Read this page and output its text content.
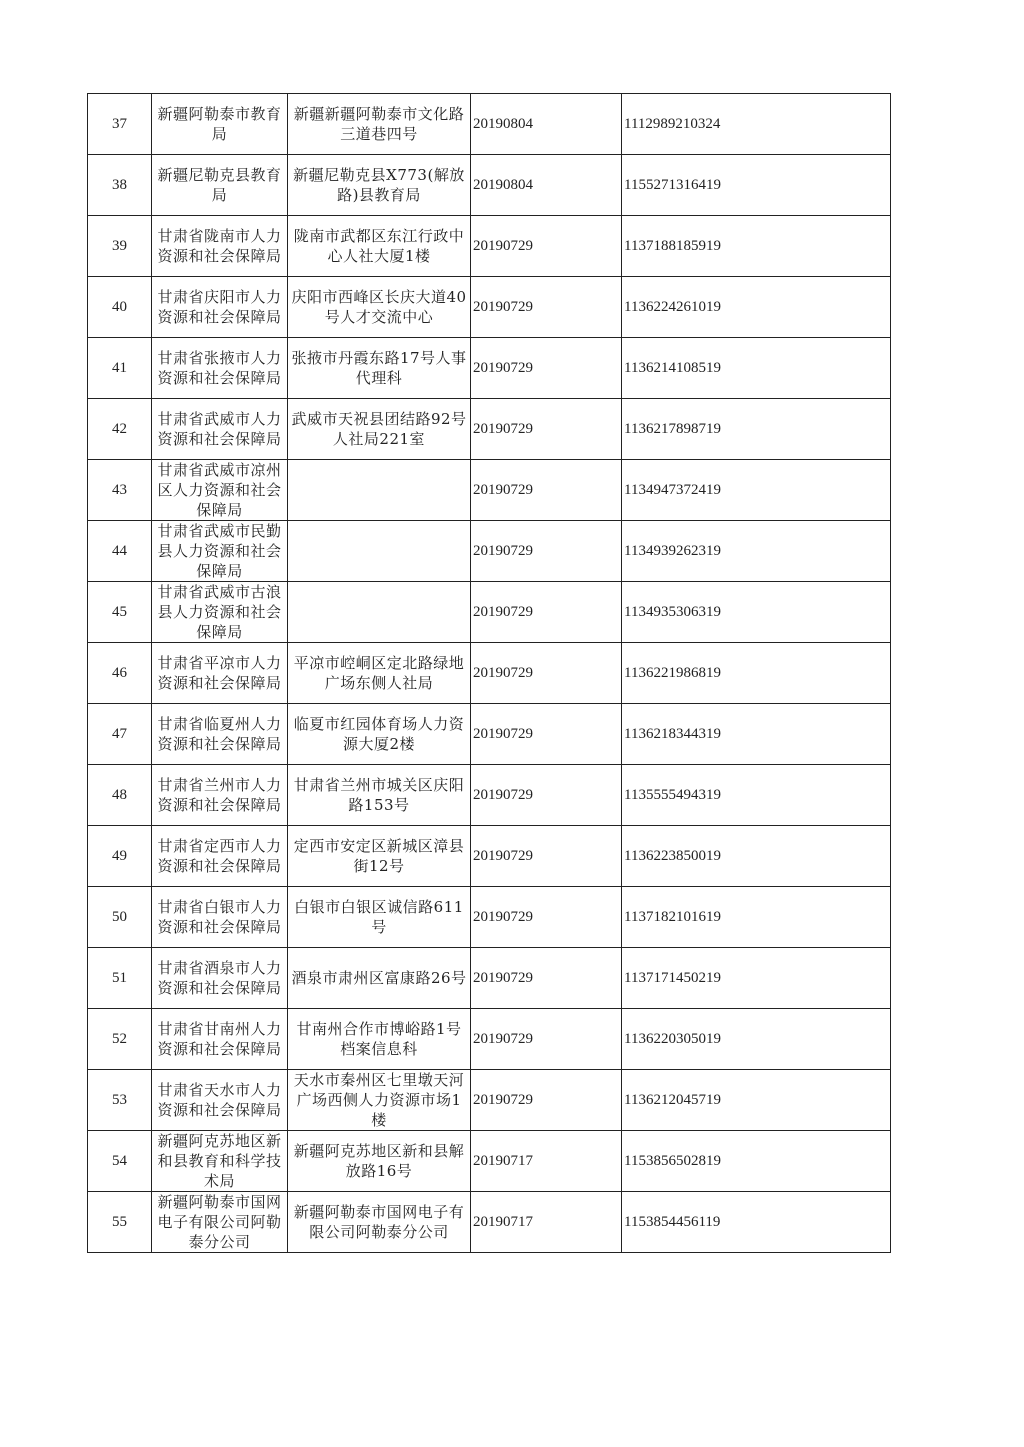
37	新疆阿勒泰市教育局	新疆新疆阿勒泰市文化路三道巷四号	20190804	1112989210324
38	新疆尼勒克县教育局	新疆尼勒克县X773(解放路)县教育局	20190804	1155271316419
39	甘肃省陇南市人力资源和社会保障局	陇南市武都区东江行政中心人社大厦1楼	20190729	1137188185919
40	甘肃省庆阳市人力资源和社会保障局	庆阳市西峰区长庆大道40号人才交流中心	20190729	1136224261019
41	甘肃省张掖市人力资源和社会保障局	张掖市丹霞东路17号人事代理科	20190729	1136214108519
42	甘肃省武威市人力资源和社会保障局	武威市天祝县团结路92号人社局221室	20190729	1136217898719
43	甘肃省武威市凉州区人力资源和社会保障局		20190729	1134947372419
44	甘肃省武威市民勤县人力资源和社会保障局		20190729	1134939262319
45	甘肃省武威市古浪县人力资源和社会保障局		20190729	1134935306319
46	甘肃省平凉市人力资源和社会保障局	平凉市崆峒区定北路绿地广场东侧人社局	20190729	1136221986819
47	甘肃省临夏州人力资源和社会保障局	临夏市红园体育场人力资源大厦2楼	20190729	1136218344319
48	甘肃省兰州市人力资源和社会保障局	甘肃省兰州市城关区庆阳路153号	20190729	1135555494319
49	甘肃省定西市人力资源和社会保障局	定西市安定区新城区漳县街12号	20190729	1136223850019
50	甘肃省白银市人力资源和社会保障局	白银市白银区诚信路611号	20190729	1137182101619
51	甘肃省酒泉市人力资源和社会保障局	酒泉市肃州区富康路26号	20190729	1137171450219
52	甘肃省甘南州人力资源和社会保障局	甘南州合作市博峪路1号档案信息科	20190729	1136220305019
53	甘肃省天水市人力资源和社会保障局	天水市秦州区七里墩天河广场西侧人力资源市场1楼	20190729	1136212045719
54	新疆阿克苏地区新和县教育和科学技术局	新疆阿克苏地区新和县解放路16号	20190717	1153856502819
55	新疆阿勒泰市国网电子有限公司阿勒泰分公司	新疆阿勒泰市国网电子有限公司阿勒泰分公司	20190717	1153854456119
